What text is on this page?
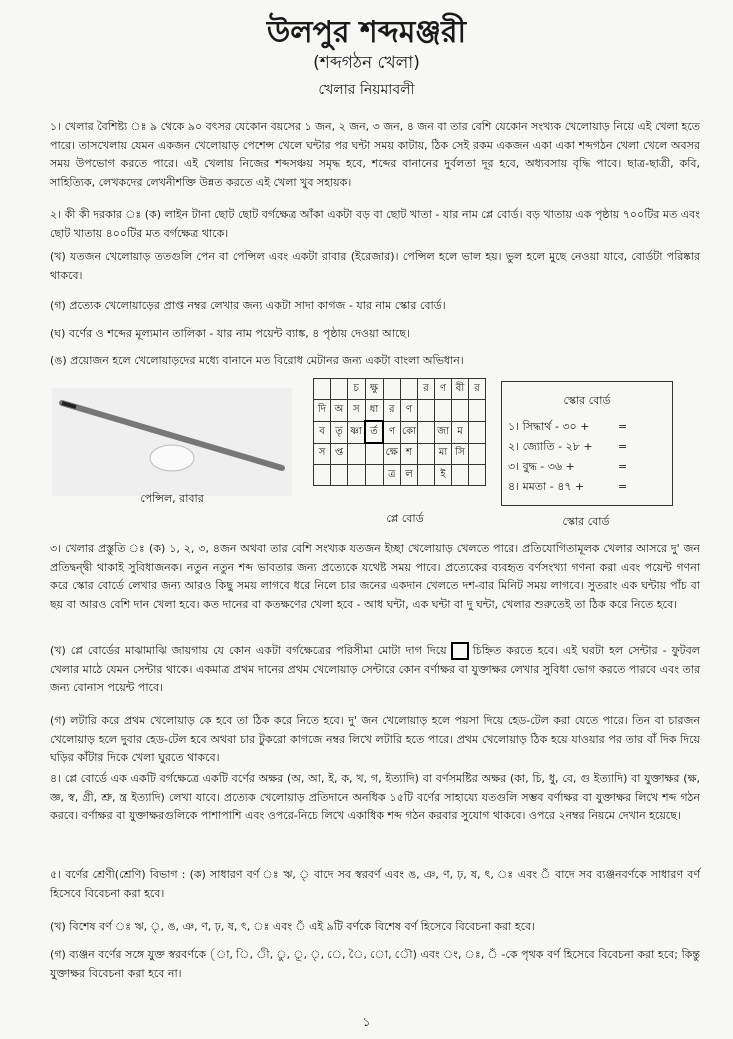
উলপুর শব্দমঞ্জরী
(শব্দগঠন খেলা)
খেলার নিয়মাবলী
১। খেলার বৈশিষ্ট্য ঃ ৯ থেকে ৯০ বৎসর যেকোন বয়সের ১ জন, ২ জন, ৩ জন, ৪ জন বা তার বেশি যেকোন সংখ্যক খেলোয়াড় নিয়ে এই খেলা হতে পারে। তাসখেলায় যেমন একজন খেলোয়াড় পেশেন্স খেলে ঘন্টার পর ঘন্টা সময় কাটায়, ঠিক সেই রকম একজন একা একা শব্দগঠন খেলা খেলে অবসর সময় উপভোগ করতে পারে। এই খেলায় নিজের শব্দসঞ্চয় সমৃদ্ধ হবে, শব্দের বানানের দুর্বলতা দূর হবে, অধ্যবসায় বৃদ্ধি পাবে। ছাত্র-ছাত্রী, কবি, সাহিত্যিক, লেখকদের লেখনীশক্তি উন্নত করতে এই খেলা খুব সহায়ক।
২। কী কী দরকার ঃ (ক) লাইন টানা ছোট ছোট বর্গক্ষেত্র আঁকা একটা বড় বা ছোট খাতা - যার নাম প্লে বোর্ড। বড় খাতায় এক পৃষ্ঠায় ৭০০টির মত এবং ছোট খাতায় ৪০০টির মত বর্গক্ষেত্র থাকে।
(খ) যতজন খেলোয়াড় ততগুলি পেন বা পেন্সিল এবং একটা রাবার (ইরেজার)। পেন্সিল হলে ভাল হয়। ভুল হলে মুছে নেওয়া যাবে, বোর্ডটা পরিষ্কার থাকবে।
(গ) প্রত্যেক খেলোয়াড়ের প্রাপ্ত নম্বর লেখার জন্য একটা সাদা কাগজ - যার নাম স্কোর বোর্ড।
(ঘ) বর্ণের ও শব্দের মূল্যমান তালিকা - যার নাম পয়েন্ট ব্যাঙ্ক, ৪ পৃষ্ঠায় দেওয়া আছে।
(ঙ) প্রয়োজন হলে খেলোয়াড়দের মধ্যে বানানে মত বিরোধ মেটানর জন্য একটা বাংলা অভিধান।
পেন্সিল, রাবার
		চ	ক্ষু			র	ণ	বী	র
দি	অ	স	ধা	র	ণ				
ব	তৃ	ষ্ণা	র্ত	ণ	কো		জা	ম	
স	প্ত			ক্ষে	শ		মা	সি	
				ত্র	ল		ই		
প্লে বোর্ড
স্কোর বোর্ড
১। সিদ্ধার্থ - ৩০ +	=
২। জ্যোতি - ২৮ +	=
৩। বুদ্ধ - ৩৬ +	=
৪। মমতা - ৪৭ +	=
স্কোর বোর্ড
৩। খেলার প্রস্তুতি ঃ (ক) ১, ২, ৩, ৪জন অথবা তার বেশি সংখ্যক যতজন ইচ্ছা খেলোয়াড় খেলতে পারে। প্রতিযোগিতামূলক খেলার আসরে দু' জন প্রতিদ্বন্দ্বী থাকাই সুবিধাজনক। নতুন নতুন শব্দ ভাবতার জন্য প্রত্যেকে যথেষ্ট সময় পাবে। প্রত্যেকের ব্যবহৃত বর্ণসংখ্যা গণনা করা এবং পয়েন্ট গণনা করে স্কোর বোর্ডে লেখার জন্য আরও কিছু সময় লাগবে ধরে নিলে চার জনের একদান খেলতে দশ-বার মিনিট সময় লাগবে। সুতরাং এক ঘন্টায় পাঁচ বা ছয় বা আরও বেশি দান খেলা হবে। কত দানের বা কতক্ষণের খেলা হবে - আধ ঘন্টা, এক ঘন্টা বা দু ঘন্টা, খেলার শুরুতেই তা ঠিক করে নিতে হবে।
(খ) প্লে বোর্ডের মাঝামাঝি জায়গায় যে কোন একটা বর্গক্ষেত্রের পরিসীমা মোটা দাগ দিয়ে চিহ্নিত করতে হবে। এই ঘরটা হল সেন্টার - ফুটবল খেলার মাঠে যেমন সেন্টার থাকে। একমাত্র প্রথম দানের প্রথম খেলোয়াড় সেন্টারে কোন বর্ণাক্ষর বা যুক্তাক্ষর লেখার সুবিধা ভোগ করতে পারবে এবং তার জন্য বোনাস পয়েন্ট পাবে।
(গ) লটারি করে প্রথম খেলোয়াড় কে হবে তা ঠিক করে নিতে হবে। দু' জন খেলোয়াড় হলে পয়সা দিয়ে হেড-টেল করা যেতে পারে। তিন বা চারজন খেলোয়াড় হলে দুবার হেড-টেল হবে অথবা চার টুকরো কাগজে নম্বর লিখে লটারি হতে পারে। প্রথম খেলোয়াড় ঠিক হয়ে যাওয়ার পর তার বাঁ দিক দিয়ে ঘড়ির কাঁটার দিকে খেলা ঘুরতে থাকবে।
৪। প্লে বোর্ডে এক একটি বর্গক্ষেত্রে একটি বর্ণের অক্ষর (অ, আ, ই, ক, খ, গ, ইত্যাদি) বা বর্ণসমষ্টির অক্ষর (কা, চি, ধু, বে, গু ইত্যাদি) বা যুক্তাক্ষর (ক্ষ, জ্ঞ, স্ব, গ্রী, শ্রু, ন্ত্র ইত্যাদি) লেখা যাবে। প্রত্যেক খেলোয়াড় প্রতিদানে অনধিক ১৫টি বর্ণের সাহায্যে যতগুলি সম্ভব বর্ণাক্ষর বা যুক্তাক্ষর লিখে শব্দ গঠন করবে। বর্ণাক্ষর বা যুক্তাক্ষরগুলিকে পাশাপাশি এবং ওপরে-নিচে লিখে একাধিক শব্দ গঠন করবার সুযোগ থাকবে। ওপরে ২নম্বর নিয়মে দেখান হয়েছে।
৫। বর্ণের শ্রেণী(শ্রেণি) বিভাগ : (ক) সাধারণ বর্ণ ঃ ঋ, ৃ বাদে সব স্বরবর্ণ এবং ঙ, ঞ, ণ, ঢ়, ষ, ৎ, ঃ এবং ঁ বাদে সব ব্যঞ্জনবর্ণকে সাধারণ বর্ণ হিসেবে বিবেচনা করা হবে।
(খ) বিশেষ বর্ণ ঃ ঋ, ৃ, ঙ, ঞ, ণ, ঢ়, ষ, ৎ, ঃ এবং ঁ এই ৯টি বর্ণকে বিশেষ বর্ণ হিসেবে বিবেচনা করা হবে।
(গ) ব্যঞ্জন বর্ণের সঙ্গে যুক্ত স্বরবর্ণকে (া, ি, ী, ু, ূ, ৃ, ে, ৈ, ো, ৌ) এবং ং, ঃ, ঁ -কে পৃথক বর্ণ হিসেবে বিবেচনা করা হবে; কিন্তু যুক্তাক্ষর বিবেচনা করা হবে না।
১
